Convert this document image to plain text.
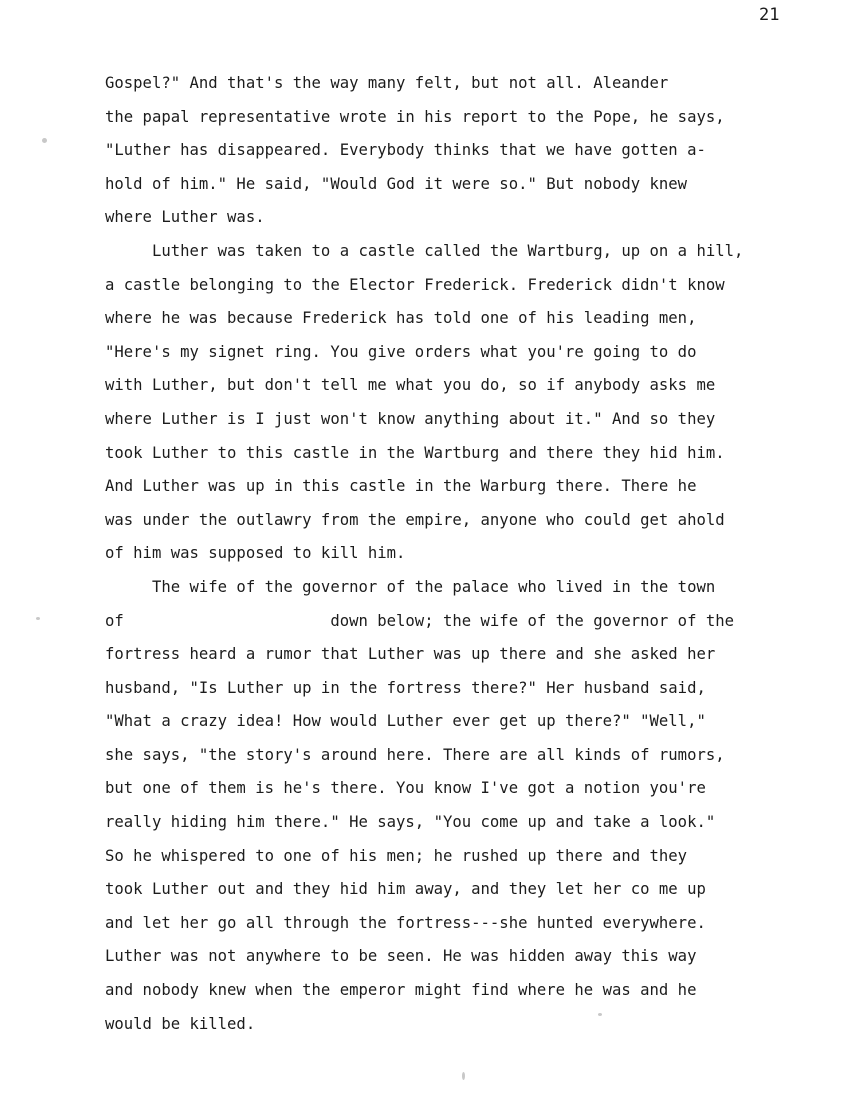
21
Gospel?" And that's the way many felt, but not all. Aleander
the papal representative wrote in his report to the Pope, he says,
"Luther has disappeared. Everybody thinks that we have gotten a-
hold of him." He said, "Would God it were so." But nobody knew
where Luther was.
Luther was taken to a castle called the Wartburg, up on a hill,
a castle belonging to the Elector Frederick. Frederick didn't know
where he was because Frederick has told one of his leading men,
"Here's my signet ring. You give orders what you're going to do
with Luther, but don't tell me what you do, so if anybody asks me
where Luther is I just won't know anything about it." And so they
took Luther to this castle in the Wartburg and there they hid him.
And Luther was up in this castle in the Warburg there. There he
was under the outlawry from the empire, anyone who could get ahold
of him was supposed to kill him.
The wife of the governor of the palace who lived in the town
of                      down below; the wife of the governor of the
fortress heard a rumor that Luther was up there and she asked her
husband, "Is Luther up in the fortress there?" Her husband said,
"What a crazy idea! How would Luther ever get up there?" "Well,"
she says, "the story's around here. There are all kinds of rumors,
but one of them is he's there. You know I've got a notion you're
really hiding him there." He says, "You come up and take a look."
So he whispered to one of his men; he rushed up there and they
took Luther out and they hid him away, and they let her co me up
and let her go all through the fortress---she hunted everywhere.
Luther was not anywhere to be seen. He was hidden away this way
and nobody knew when the emperor might find where he was and he
would be killed.
